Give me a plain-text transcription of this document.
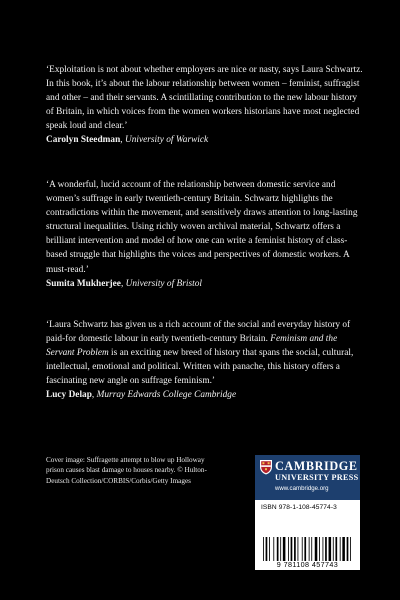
‘Exploitation is not about whether employers are nice or nasty, says Laura Schwartz. In this book, it’s about the labour relationship between women – feminist, suffragist and other – and their servants. A scintillating contribution to the new labour history of Britain, in which voices from the women workers historians have most neglected speak loud and clear.’

Carolyn Steedman, University of Warwick

‘A wonderful, lucid account of the relationship between domestic service and women’s suffrage in early twentieth-century Britain. Schwartz highlights the contradictions within the movement, and sensitively draws attention to long-lasting structural inequalities. Using richly woven archival material, Schwartz offers a brilliant intervention and model of how one can write a feminist history of class-based struggle that highlights the voices and perspectives of domestic workers. A must-read.’

Sumita Mukherjee, University of Bristol

‘Laura Schwartz has given us a rich account of the social and everyday history of paid-for domestic labour in early twentieth-century Britain. Feminism and the Servant Problem is an exciting new breed of history that spans the social, cultural, intellectual, emotional and political. Written with panache, this history offers a fascinating new angle on suffrage feminism.’

Lucy Delap, Murray Edwards College Cambridge

Cover image: Suffragette attempt to blow up Holloway prison causes blast damage to houses nearby. © Hulton-Deutsch Collection/CORBIS/Corbis/Getty Images
CAMBRIDGE
UNIVERSITY PRESS
www.cambridge.org
ISBN 978-1-108-45774-3
9 781108 457743
